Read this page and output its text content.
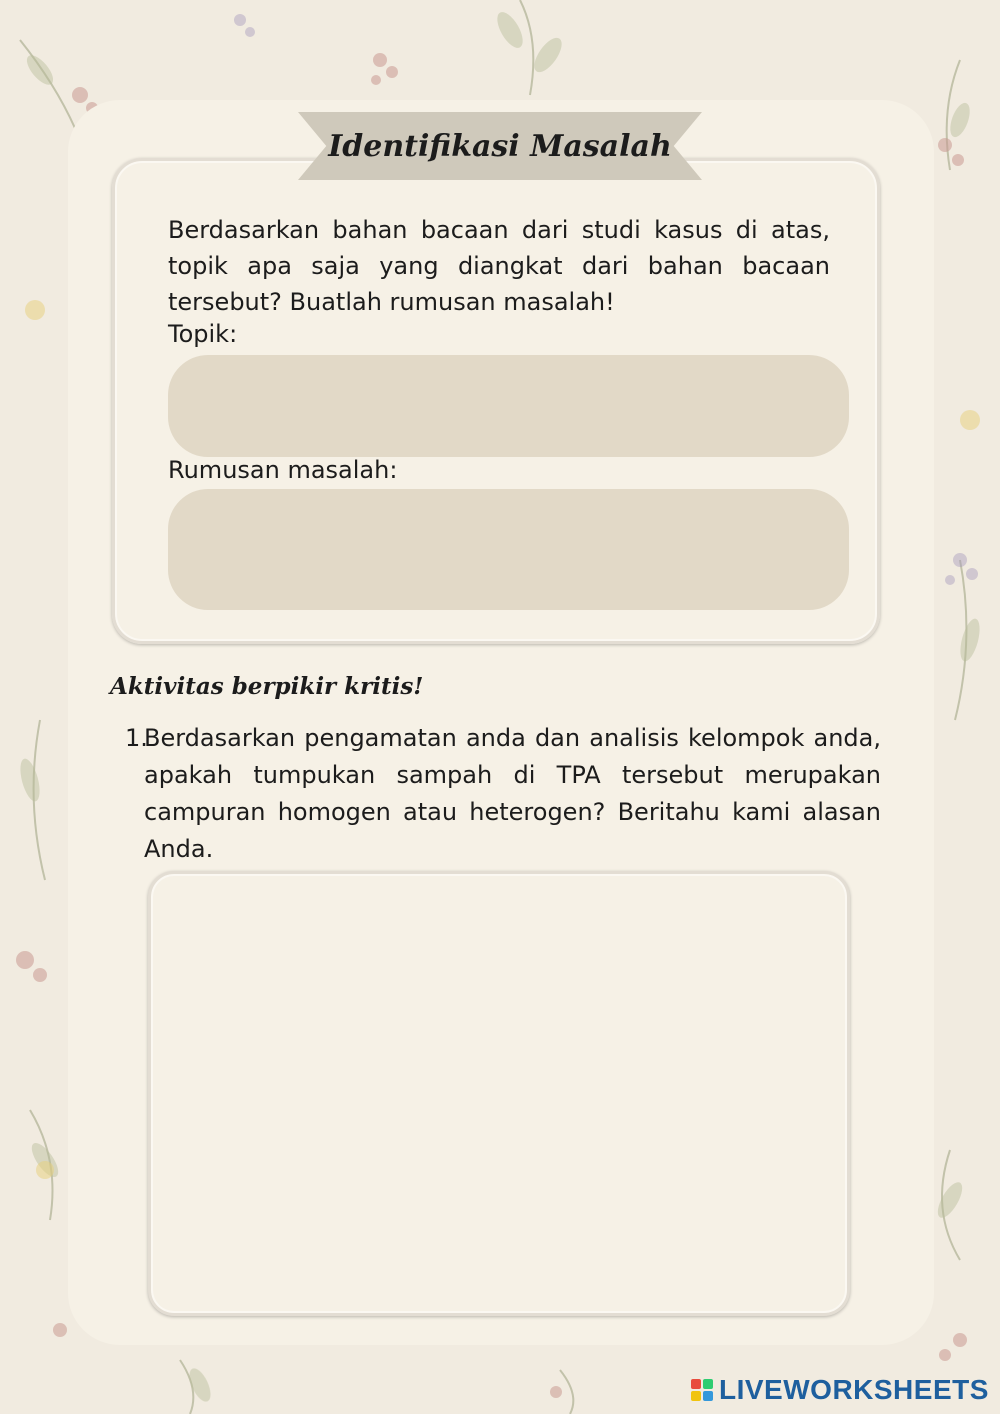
Identifikasi Masalah

Berdasarkan bahan bacaan dari studi kasus di atas, topik apa saja yang diangkat dari bahan bacaan tersebut? Buatlah rumusan masalah!

Topik:
Rumusan masalah:
Aktivitas berpikir kritis!
1.

Berdasarkan pengamatan anda dan analisis kelompok anda, apakah tumpukan sampah di TPA tersebut merupakan campuran homogen atau heterogen? Beritahu kami alasan Anda.

LIVEWORKSHEETS
